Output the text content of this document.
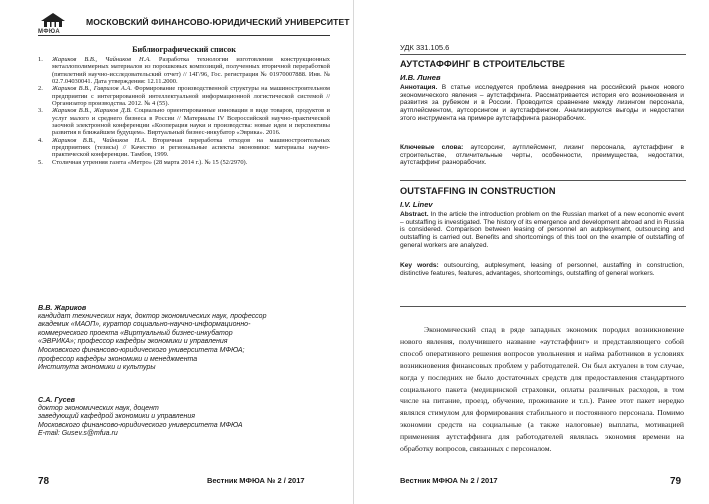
МФЮА
МОСКОВСКИЙ ФИНАНСОВО-ЮРИДИЧЕСКИЙ УНИВЕРСИТЕТ
Библиографический список
1. Жариков В.В., Чайников Н.А. Разработка технологии изготовления конструкционных металлополимерных материалов из порошковых композиций, полученных вторичной переработкой (пятилетний научно-исследовательский отчет) // 14Г/96, Гос. регистрация № 01970007888. Инв. № 02.7.04030041. Дата утверждения: 12.11.2000.
2. Жариков В.В., Гаврилов А.А. Формирование производственной структуры на машиностроительном предприятии с интегрированной интеллектуальной информационной логистической системой // Организатор производства. 2012. № 4 (55).
3. Жариков В.В., Жариков Д.В. Социально ориентированные инновации в виде товаров, продуктов и услуг малого и среднего бизнеса в России // Материалы IV Всероссийской научно-практической заочной электронной конференции «Кооперация науки и производства: новые идеи и перспективы развития в ближайшем будущем». Виртуальный бизнес-инкубатор «Эврика». 2016.
4. Жариков В.В., Чайников Н.А. Вторичная переработка отходов на машиностроительных предприятиях (тезисы) // Качество и региональные аспекты экономики: материалы научно-практической конференции. Тамбов, 1999.
5. Столичная утренняя газета «Метро» (28 марта 2014 г.). № 15 (52/2970).
В.В. Жариков
кандидат технических наук, доктор экономических наук, профессор
академик «МАОП», куратор социально-научно-информационно-
коммерческого проекта «Виртуальный бизнес-инкубатор
«ЭВРИКА»; профессор кафедры экономики и управления
Московского финансово-юридического университета МФЮА;
профессор кафедры экономики и менеджмента
Института экономики и культуры
С.А. Гусев
доктор экономических наук, доцент
заведующий кафедрой экономики и управления
Московского финансово-юридического университета МФЮА
E-mail: Gusev.s@mfua.ru
78	Вестник МФЮА № 2 / 2017
УДК 331.105.6
АУТСТАФФИНГ В СТРОИТЕЛЬСТВЕ
И.В. Линев
Аннотация. В статье исследуется проблема внедрения на российский рынок нового экономического явления – аутстаффинга. Рассматривается история его возникновения и развития за рубежом и в России. Проводится сравнение между лизингом персонала, аутплейсментом, аутсорсингом и аутстаффингом. Анализируются выгоды и недостатки этого инструмента на примере аутстаффинга разнорабочих.
Ключевые слова: аутсорсинг, аутплейсмент, лизинг персонала, аутстаффинг в строительстве, отличительные черты, особенности, преимущества, недостатки, аутстаффинг разнорабочих.
OUTSTAFFING IN CONSTRUCTION
I.V. Linev
Abstract. In the article the introduction problem on the Russian market of a new economic event – outstaffing is investigated. The history of its emergence and development abroad and in Russia is considered. Comparison between leasing of personnel an autplesyment, outsourcing and outstaffing is carried out. Benefits and shortcomings of this tool on the example of outstaffing of general workers are analyzed.
Key words: outsourcing, autplesyment, leasing of personnel, austaffing in construction, distinctive features, features, advantages, shortcomings, outstaffing of general workers.

Экономический спад в ряде западных экономик породил возникновение нового явления, получившего название «аутстаффинг» и представляющего собой способ оперативного решения вопросов увольнения и найма работников в условиях возникновения финансовых проблем у работодателей. Он был актуален в том случае, когда у последних не было достаточных средств для предоставления стандартного социального пакета (медицинской страховки, оплаты различных расходов, в том числе на питание, проезд, обучение, проживание и т.п.). Ранее этот пакет нередко являлся стимулом для формирования стабильного и постоянного персонала. Помимо экономии средств на социальные (а также налоговые) выплаты, мотивацией применения аутстаффинга для работодателей являлась экономия времени на обработку вопросов, связанных с персоналом.

Вестник МФЮА № 2 / 2017	79
